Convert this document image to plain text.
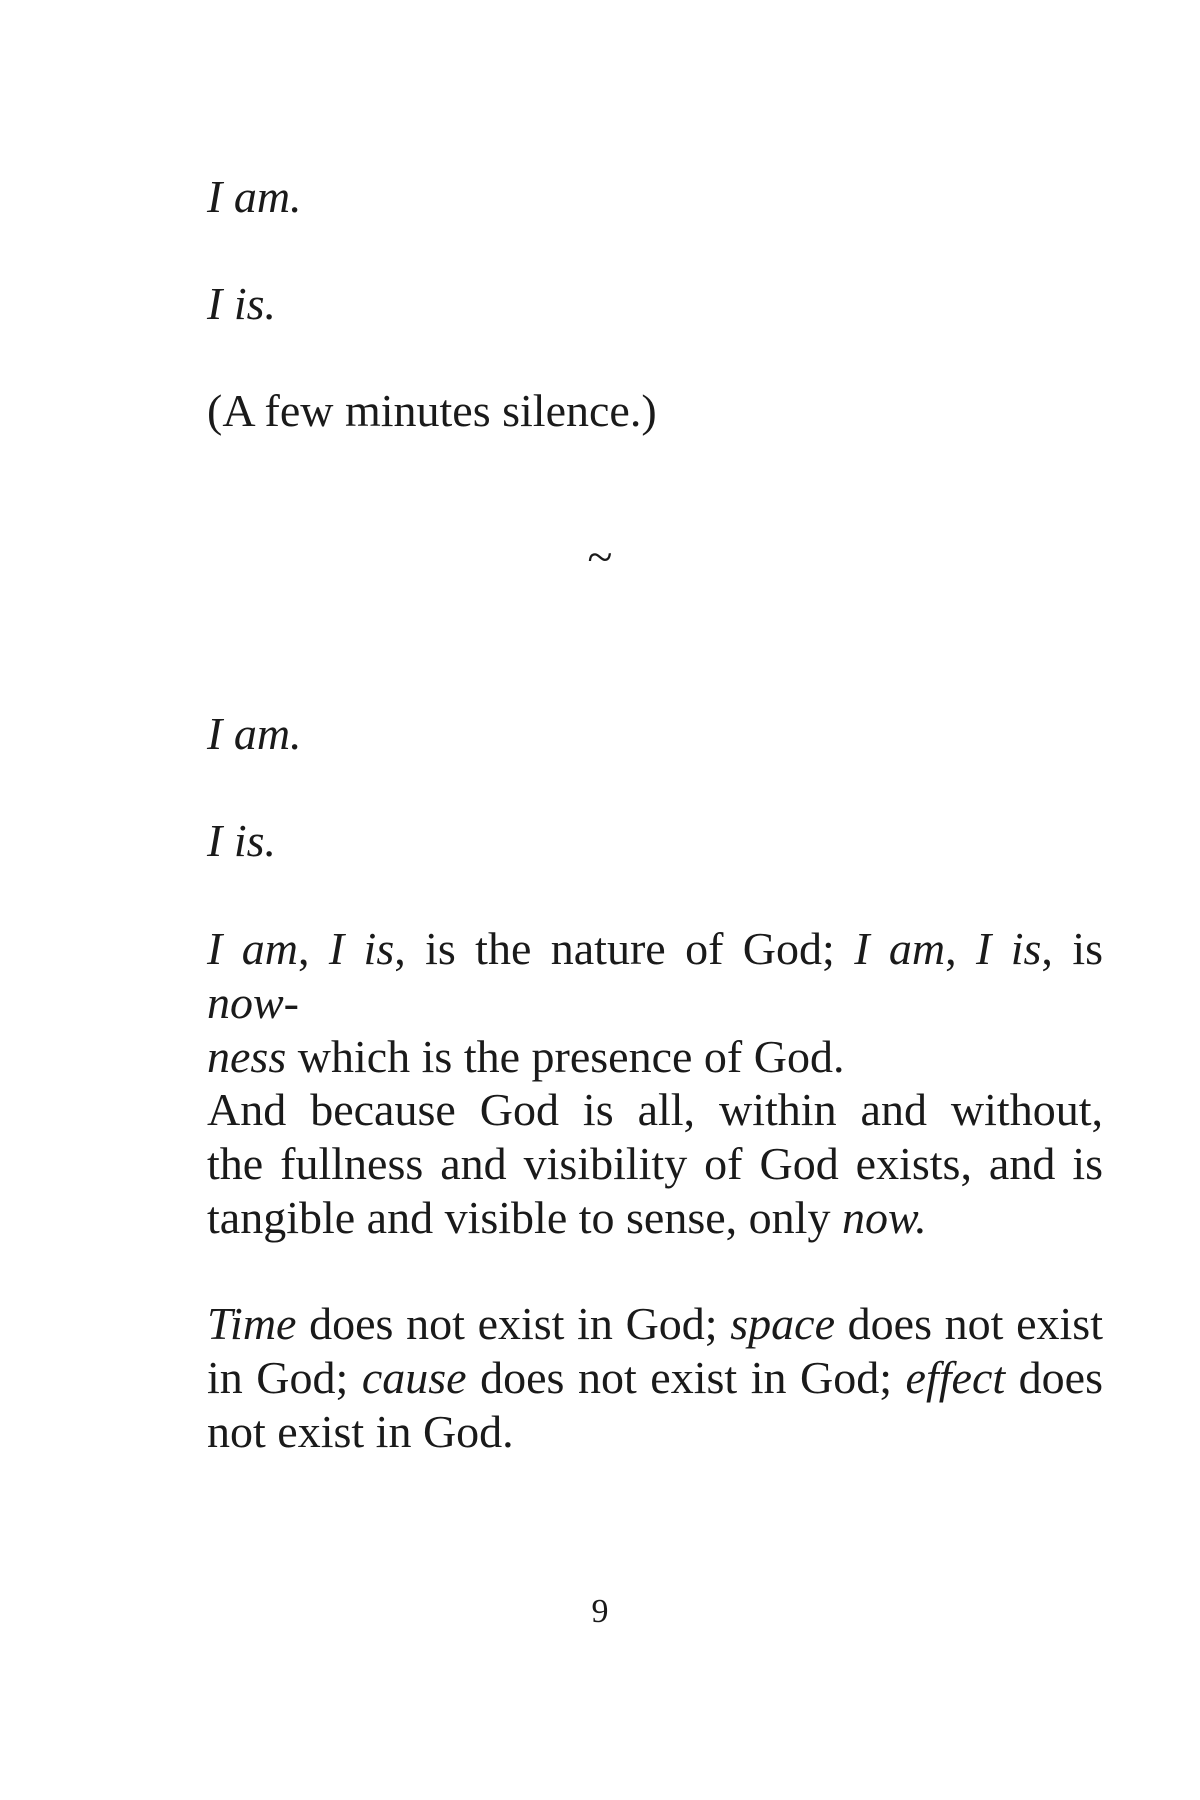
I am.

I is.

(A few minutes silence.)

~

I am.

I is.

I am, I is, is the nature of God; I am, I is, is now-
ness which is the presence of God.
And because God is all, within and without,
the fullness and visibility of God exists, and is
tangible and visible to sense, only now.
Time does not exist in God; space does not exist
in God; cause does not exist in God; effect does
not exist in God.
9
